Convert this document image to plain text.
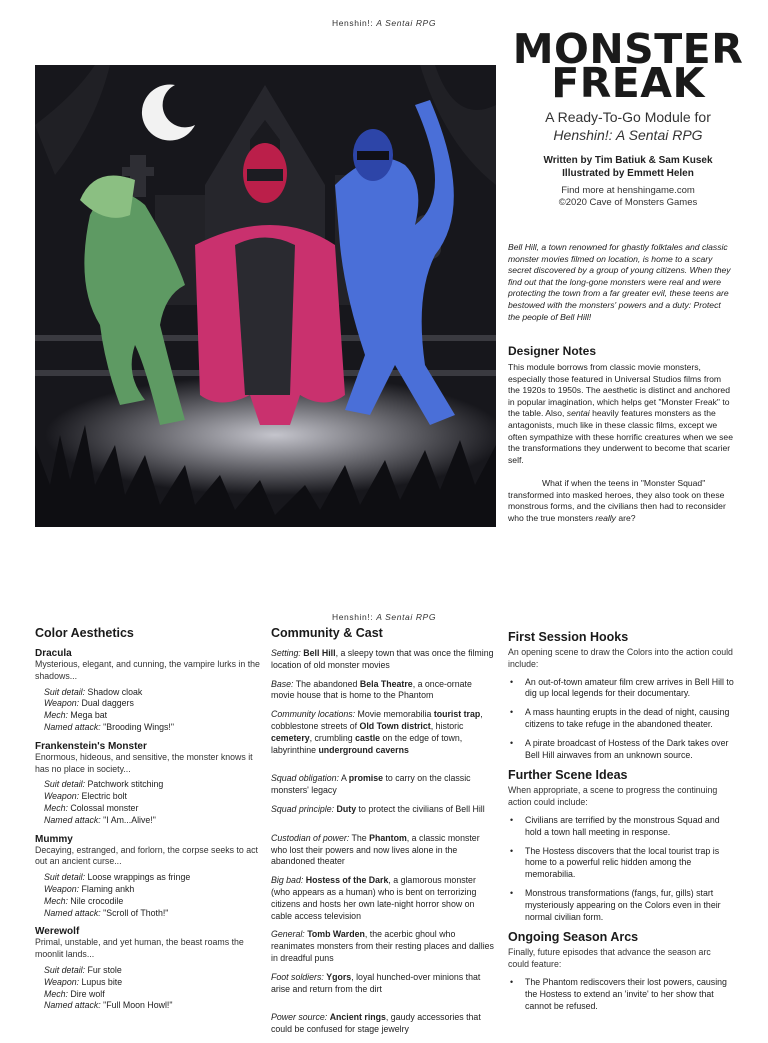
Henshin!: A Sentai RPG
Henshin!: A Sentai RPG
MONSTER
FREAK
A Ready-To-Go Module for
Henshin!: A Sentai RPG
Written by Tim Batiuk & Sam Kusek
Illustrated by Emmett Helen
Find more at henshingame.com
©2020 Cave of Monsters Games
Bell Hill, a town renowned for ghastly folktales and classic monster movies filmed on location, is home to a scary secret discovered by a group of young citizens. When they find out that the long-gone monsters were real and were protecting the town from a far greater evil, these teens are bestowed with the monsters' powers and a duty: Protect the people of Bell Hill!
Designer Notes
This module borrows from classic movie monsters, especially those featured in Universal Studios films from the 1920s to 1950s. The aesthetic is distinct and anchored in popular imagination, which helps get "Monster Freak" to the table. Also, sentai heavily features monsters as the antagonists, much like in these classic films, except we often sympathize with these horrific creatures when we see the transformations they underwent to become that scarier self.
What if when the teens in "Monster Squad" transformed into masked heroes, they also took on these monstrous forms, and the civilians then had to reconsider who the true monsters really are?
Color Aesthetics
Dracula
Mysterious, elegant, and cunning, the vampire lurks in the shadows...
Suit detail: Shadow cloak
Weapon: Dual daggers
Mech: Mega bat
Named attack: "Brooding Wings!"
Frankenstein's Monster
Enormous, hideous, and sensitive, the monster knows it has no place in society...
Suit detail: Patchwork stitching
Weapon: Electric bolt
Mech: Colossal monster
Named attack: "I Am...Alive!"
Mummy
Decaying, estranged, and forlorn, the corpse seeks to act out an ancient curse...
Suit detail: Loose wrappings as fringe
Weapon: Flaming ankh
Mech: Nile crocodile
Named attack: "Scroll of Thoth!"
Werewolf
Primal, unstable, and yet human, the beast roams the moonlit lands...
Suit detail: Fur stole
Weapon: Lupus bite
Mech: Dire wolf
Named attack: "Full Moon Howl!"
Community & Cast
Setting: Bell Hill, a sleepy town that was once the filming location of old monster movies
Base: The abandoned Bela Theatre, a once-ornate movie house that is home to the Phantom
Community locations: Movie memorabilia tourist trap, cobblestone streets of Old Town district, historic cemetery, crumbling castle on the edge of town, labyrinthine underground caverns
Squad obligation: A promise to carry on the classic monsters' legacy
Squad principle: Duty to protect the civilians of Bell Hill
Custodian of power: The Phantom, a classic monster who lost their powers and now lives alone in the abandoned theater
Big bad: Hostess of the Dark, a glamorous monster (who appears as a human) who is bent on terrorizing citizens and hosts her own late-night horror show on cable access television
General: Tomb Warden, the acerbic ghoul who reanimates monsters from their resting places and dallies in dreadful puns
Foot soldiers: Ygors, loyal hunched-over minions that arise and return from the dirt
Power source: Ancient rings, gaudy accessories that could be confused for stage jewelry
First Session Hooks
An opening scene to draw the Colors into the action could include:
• An out-of-town amateur film crew arrives in Bell Hill to dig up local legends for their documentary.
• A mass haunting erupts in the dead of night, causing citizens to take refuge in the abandoned theater.
• A pirate broadcast of Hostess of the Dark takes over Bell Hill airwaves from an unknown source.
Further Scene Ideas
When appropriate, a scene to progress the continuing action could include:
• Civilians are terrified by the monstrous Squad and hold a town hall meeting in response.
• The Hostess discovers that the local tourist trap is home to a powerful relic hidden among the memorabilia.
• Monstrous transformations (fangs, fur, gills) start mysteriously appearing on the Colors even in their normal civilian form.
Ongoing Season Arcs
Finally, future episodes that advance the season arc could feature:
• The Phantom rediscovers their lost powers, causing the Hostess to extend an 'invite' to her show that cannot be refused.
